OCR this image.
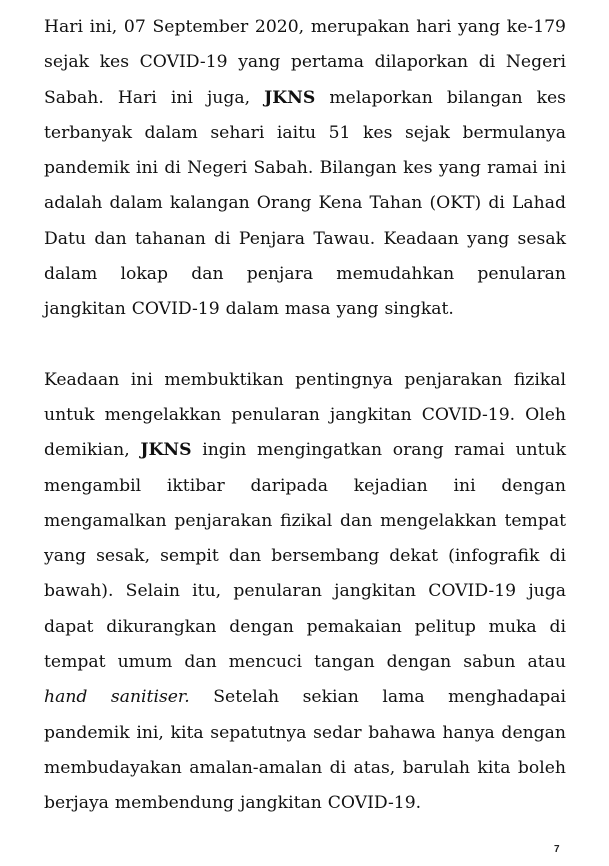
Hari ini, 07 September 2020, merupakan hari yang ke-179 sejak kes COVID-19 yang pertama dilaporkan di Negeri Sabah. Hari ini juga, JKNS melaporkan bilangan kes terbanyak dalam sehari iaitu 51 kes sejak bermulanya pandemik ini di Negeri Sabah. Bilangan kes yang ramai ini adalah dalam kalangan Orang Kena Tahan (OKT) di Lahad Datu dan tahanan di Penjara Tawau. Keadaan yang sesak dalam lokap dan penjara memudahkan penularan jangkitan COVID-19 dalam masa yang singkat.

Keadaan ini membuktikan pentingnya penjarakan fizikal untuk mengelakkan penularan jangkitan COVID-19. Oleh demikian, JKNS ingin mengingatkan orang ramai untuk mengambil iktibar daripada kejadian ini dengan mengamalkan penjarakan fizikal dan mengelakkan tempat yang sesak, sempit dan bersembang dekat (infografik di bawah). Selain itu, penularan jangkitan COVID-19 juga dapat dikurangkan dengan pemakaian pelitup muka di tempat umum dan mencuci tangan dengan sabun atau hand sanitiser. Setelah sekian lama menghadapai pandemik ini, kita sepatutnya sedar bahawa hanya dengan membudayakan amalan-amalan di atas, barulah kita boleh berjaya membendung jangkitan COVID-19.

7
